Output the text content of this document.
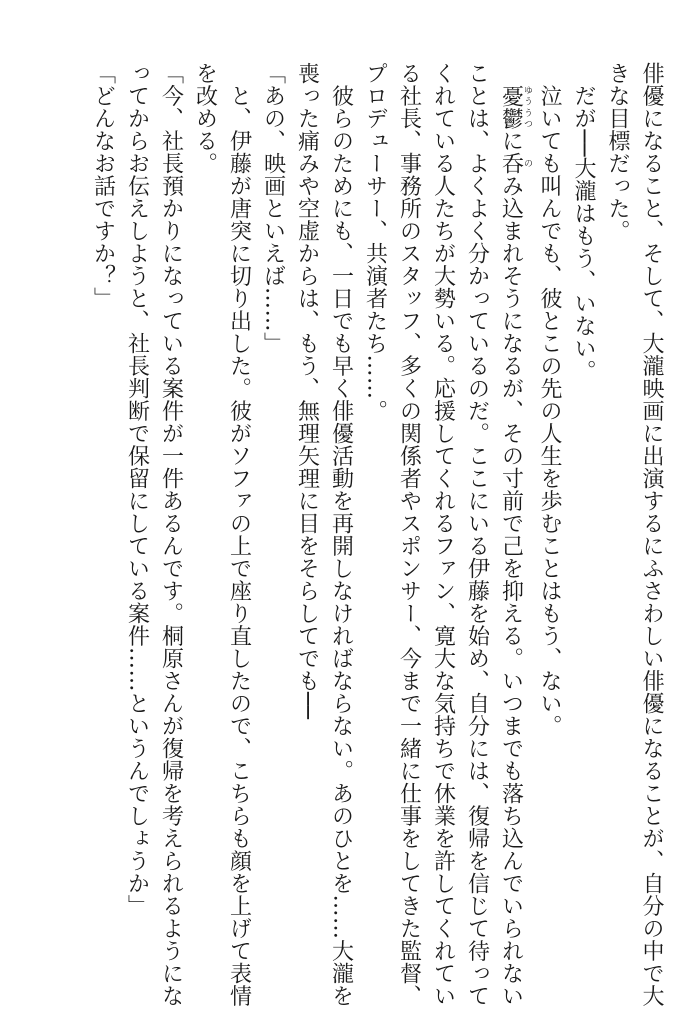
俳優になること、そして、大瀧映画に出演するにふさわしい俳優になることが、自分の中で大
きな目標だった。
　だが──大瀧はもう、いない。
　泣いても叫んでも、彼とこの先の人生を歩むことはもう、ない。
　憂鬱ゆううつに呑のみ込まれそうになるが、その寸前で己を抑える。いつまでも落ち込んでいられない
ことは、よくよく分かっているのだ。ここにいる伊藤を始め、自分には、復帰を信じて待って
くれている人たちが大勢いる。応援してくれるファン、寛大な気持ちで休業を許してくれてい
る社長、事務所のスタッフ、多くの関係者やスポンサー、今まで一緒に仕事をしてきた監督、
プロデューサー、共演者たち……。
　彼らのためにも、一日でも早く俳優活動を再開しなければならない。あのひとを……大瀧を
喪った痛みや空虚からは、もう、無理矢理に目をそらしてでも──
「あの、映画といえば……」
　と、伊藤が唐突に切り出した。彼がソファの上で座り直したので、こちらも顔を上げて表情
を改める。
「今、社長預かりになっている案件が一件あるんです。桐原さんが復帰を考えられるようにな
ってからお伝えしようと、社長判断で保留にしている案件……というんでしょうか」
「どんなお話ですか？」
